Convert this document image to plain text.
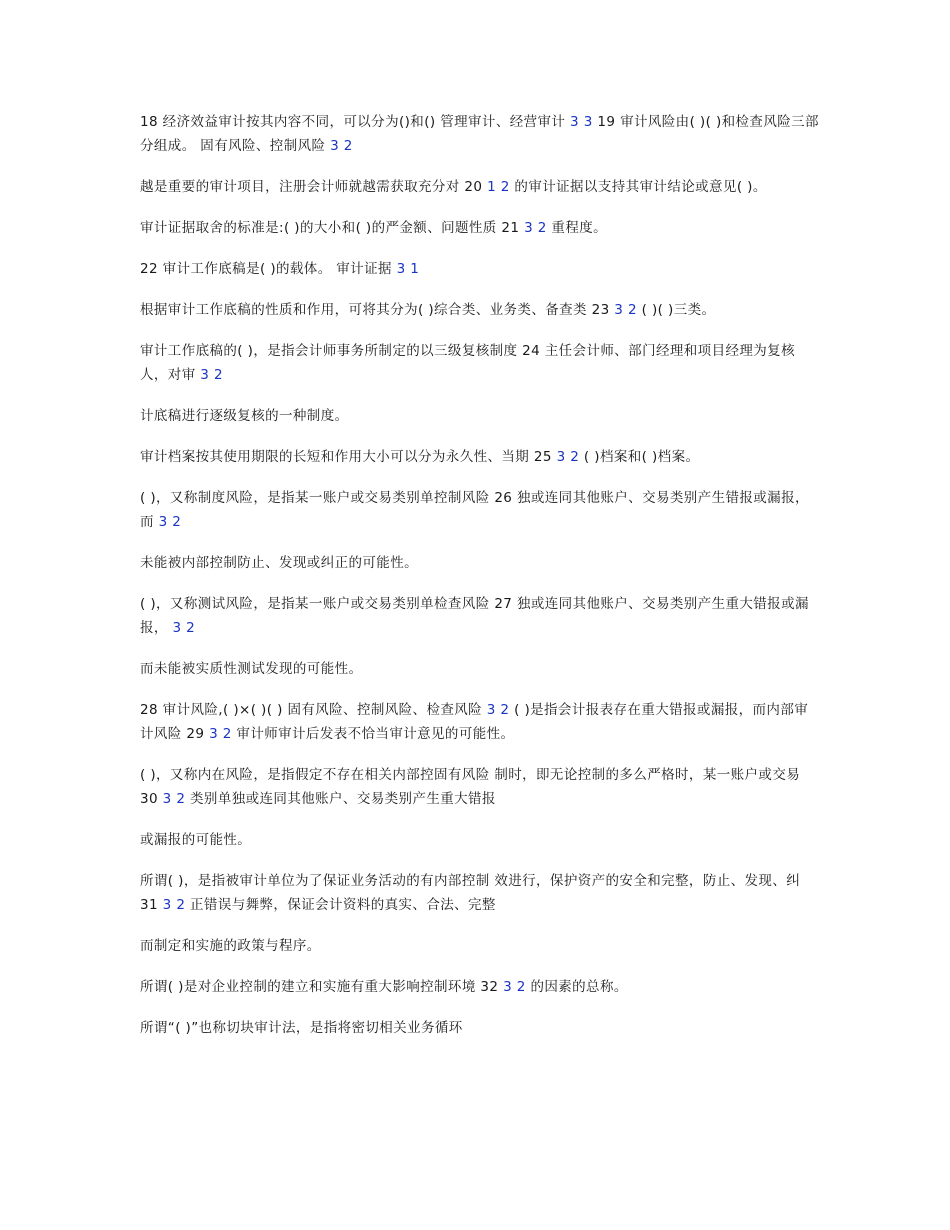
18 经济效益审计按其内容不同，可以分为()和() 管理审计、经营审计 3 3 19 审计风险由( )( )和检查风险三部分组成。 固有风险、控制风险 3 2

越是重要的审计项目，注册会计师就越需获取充分对 20 1 2 的审计证据以支持其审计结论或意见( )。

审计证据取舍的标准是:( )的大小和( )的严金额、问题性质 21 3 2 重程度。

22 审计工作底稿是( )的载体。 审计证据 3 1

根据审计工作底稿的性质和作用，可将其分为( )综合类、业务类、备查类 23 3 2 ( )( )三类。

审计工作底稿的( )，是指会计师事务所制定的以三级复核制度 24 主任会计师、部门经理和项目经理为复核人，对审 3 2

计底稿进行逐级复核的一种制度。

审计档案按其使用期限的长短和作用大小可以分为永久性、当期 25 3 2 ( )档案和( )档案。

( )，又称制度风险，是指某一账户或交易类别单控制风险 26 独或连同其他账户、交易类别产生错报或漏报，而 3 2

未能被内部控制防止、发现或纠正的可能性。

( )，又称测试风险，是指某一账户或交易类别单检查风险 27 独或连同其他账户、交易类别产生重大错报或漏报， 3 2

而未能被实质性测试发现的可能性。

28 审计风险,( )×( )( ) 固有风险、控制风险、检查风险 3 2 ( )是指会计报表存在重大错报或漏报，而内部审计风险 29 3 2 审计师审计后发表不恰当审计意见的可能性。

( )，又称内在风险，是指假定不存在相关内部控固有风险 制时，即无论控制的多么严格时，某一账户或交易 30 3 2 类别单独或连同其他账户、交易类别产生重大错报

或漏报的可能性。

所谓( )，是指被审计单位为了保证业务活动的有内部控制 效进行，保护资产的安全和完整，防止、发现、纠 31 3 2 正错误与舞弊，保证会计资料的真实、合法、完整

而制定和实施的政策与程序。

所谓( )是对企业控制的建立和实施有重大影响控制环境 32 3 2 的因素的总称。

所谓“( )”也称切块审计法，是指将密切相关业务循环
